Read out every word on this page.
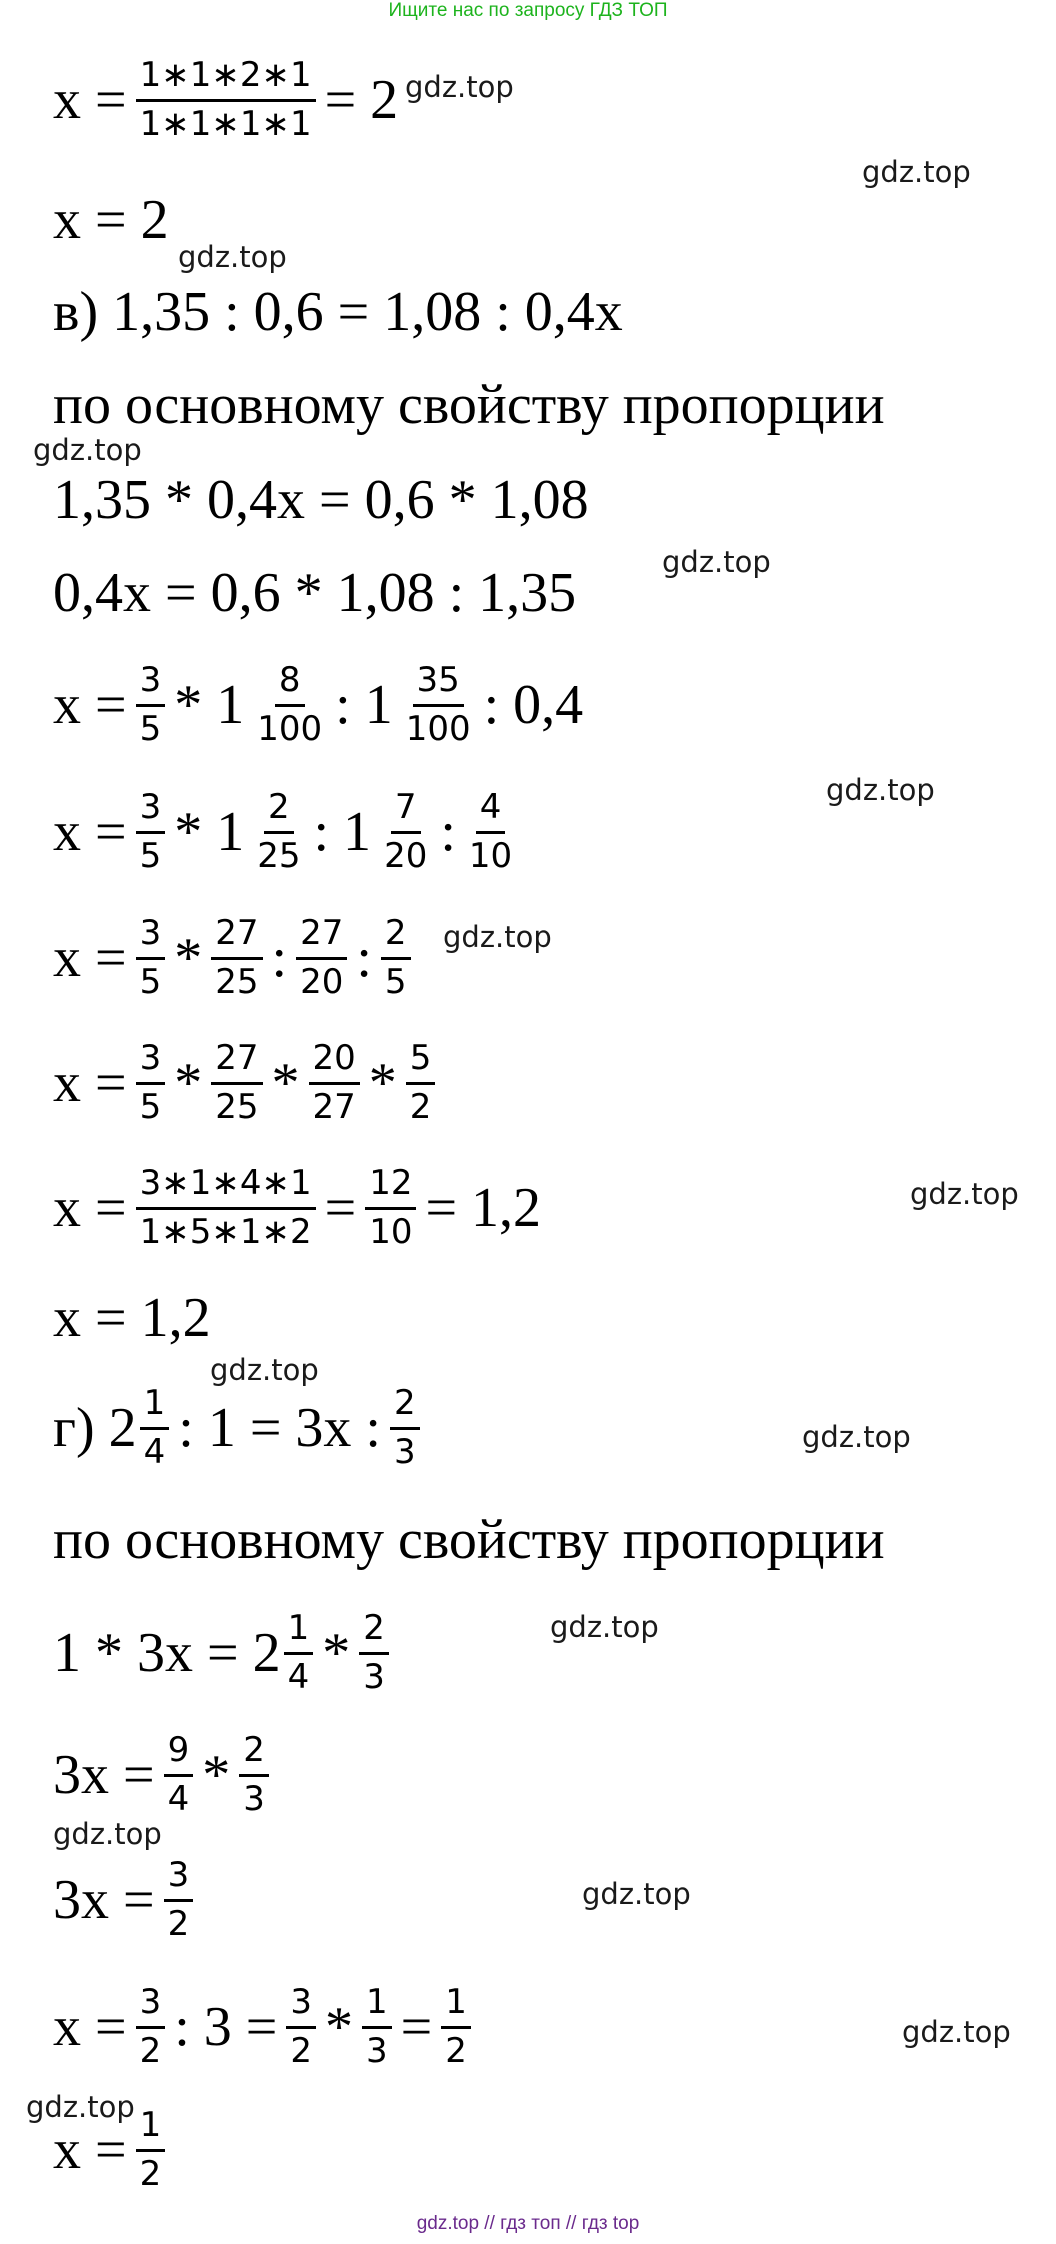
Ищите нас по запросу ГДЗ ТОП
gdz.top
gdz.top
gdz.top
gdz.top
gdz.top
gdz.top
gdz.top
gdz.top
gdz.top
gdz.top
gdz.top
gdz.top
gdz.top
gdz.top
gdz.top
$x = \frac{1∗1∗2∗1}{1∗1∗1∗1} = 2$
x = 2
в) 1,35 : 0,6 = 1,08 : 0,4x
по основному свойству пропорции
1,35 * 0,4x = 0,6 * 1,08
0,4x = 0,6 * 1,08 : 1,35
$x = \frac{3}{5} * 1 \frac{8}{100}$ : $1 \frac{35}{100}$ : 0,4
$x = \frac{3}{5} * 1 \frac{2}{25}$ : $1 \frac{7}{20}$ : $\frac{4}{10}$
$x = \frac{3}{5} * \frac{27}{25}$ : $\frac{27}{20}$ : $\frac{2}{5}$
$x = \frac{3}{5} * \frac{27}{25} * \frac{20}{27} * \frac{5}{2}$
$x = \frac{3∗1∗4∗1}{1∗5∗1∗2} = \frac{12}{10} = 1,2$
x = 1,2
г) $2 \frac{1}{4}$ : 1 = 3x : $\frac{2}{3}$
по основному свойству пропорции
$1 * 3x = 2 \frac{1}{4} * \frac{2}{3}$
$3x = \frac{9}{4} * \frac{2}{3}$
$3x = \frac{3}{2}$
$x = \frac{3}{2}$ : $3 = \frac{3}{2} * \frac{1}{3} = \frac{1}{2}$
$x = \frac{1}{2}$
gdz.top // гдз топ // гдз top
